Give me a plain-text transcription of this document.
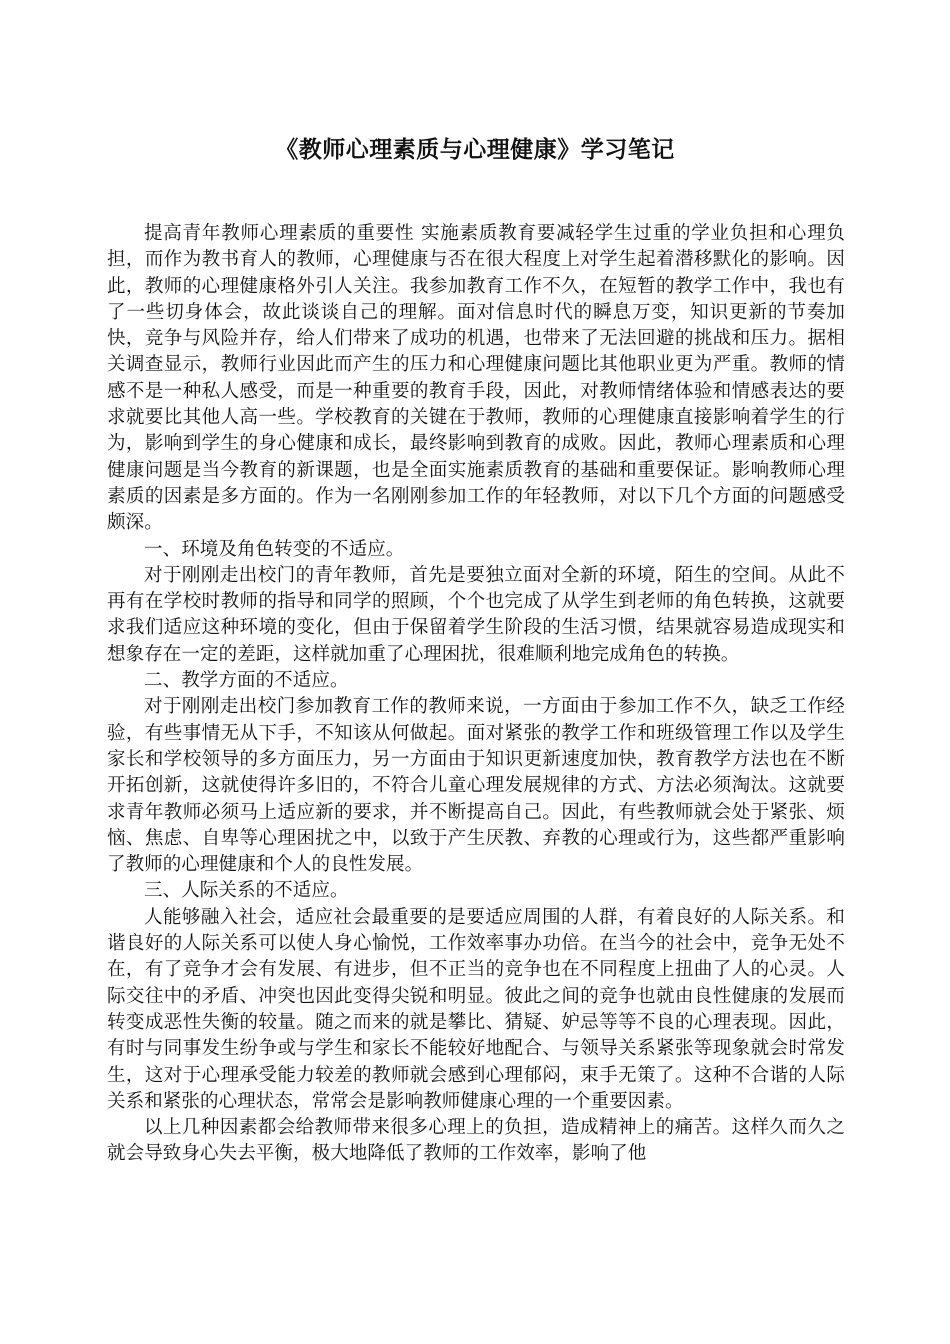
《教师心理素质与心理健康》学习笔记

提高青年教师心理素质的重要性 实施素质教育要减轻学生过重的学业负担和心理负担，而作为教书育人的教师，心理健康与否在很大程度上对学生起着潜移默化的影响。因此，教师的心理健康格外引人关注。我参加教育工作不久，在短暂的教学工作中，我也有了一些切身体会，故此谈谈自己的理解。面对信息时代的瞬息万变，知识更新的节奏加快，竞争与风险并存，给人们带来了成功的机遇，也带来了无法回避的挑战和压力。据相关调查显示，教师行业因此而产生的压力和心理健康问题比其他职业更为严重。教师的情感不是一种私人感受，而是一种重要的教育手段，因此，对教师情绪体验和情感表达的要求就要比其他人高一些。学校教育的关键在于教师，教师的心理健康直接影响着学生的行为，影响到学生的身心健康和成长，最终影响到教育的成败。因此，教师心理素质和心理健康问题是当今教育的新课题，也是全面实施素质教育的基础和重要保证。影响教师心理素质的因素是多方面的。作为一名刚刚参加工作的年轻教师，对以下几个方面的问题感受颇深。

一、环境及角色转变的不适应。

对于刚刚走出校门的青年教师，首先是要独立面对全新的环境，陌生的空间。从此不再有在学校时教师的指导和同学的照顾，个个也完成了从学生到老师的角色转换，这就要求我们适应这种环境的变化，但由于保留着学生阶段的生活习惯，结果就容易造成现实和想象存在一定的差距，这样就加重了心理困扰，很难顺利地完成角色的转换。

二、教学方面的不适应。

对于刚刚走出校门参加教育工作的教师来说，一方面由于参加工作不久，缺乏工作经验，有些事情无从下手，不知该从何做起。面对紧张的教学工作和班级管理工作以及学生家长和学校领导的多方面压力，另一方面由于知识更新速度加快，教育教学方法也在不断开拓创新，这就使得许多旧的，不符合儿童心理发展规律的方式、方法必须淘汰。这就要求青年教师必须马上适应新的要求，并不断提高自己。因此，有些教师就会处于紧张、烦恼、焦虑、自卑等心理困扰之中，以致于产生厌教、弃教的心理或行为，这些都严重影响了教师的心理健康和个人的良性发展。

三、人际关系的不适应。

人能够融入社会，适应社会最重要的是要适应周围的人群，有着良好的人际关系。和谐良好的人际关系可以使人身心愉悦，工作效率事办功倍。在当今的社会中，竞争无处不在，有了竞争才会有发展、有进步，但不正当的竞争也在不同程度上扭曲了人的心灵。人际交往中的矛盾、冲突也因此变得尖锐和明显。彼此之间的竞争也就由良性健康的发展而转变成恶性失衡的较量。随之而来的就是攀比、猜疑、妒忌等等不良的心理表现。因此，有时与同事发生纷争或与学生和家长不能较好地配合、与领导关系紧张等现象就会时常发生，这对于心理承受能力较差的教师就会感到心理郁闷，束手无策了。这种不合谐的人际关系和紧张的心理状态，常常会是影响教师健康心理的一个重要因素。

以上几种因素都会给教师带来很多心理上的负担，造成精神上的痛苦。这样久而久之就会导致身心失去平衡，极大地降低了教师的工作效率，影响了他
